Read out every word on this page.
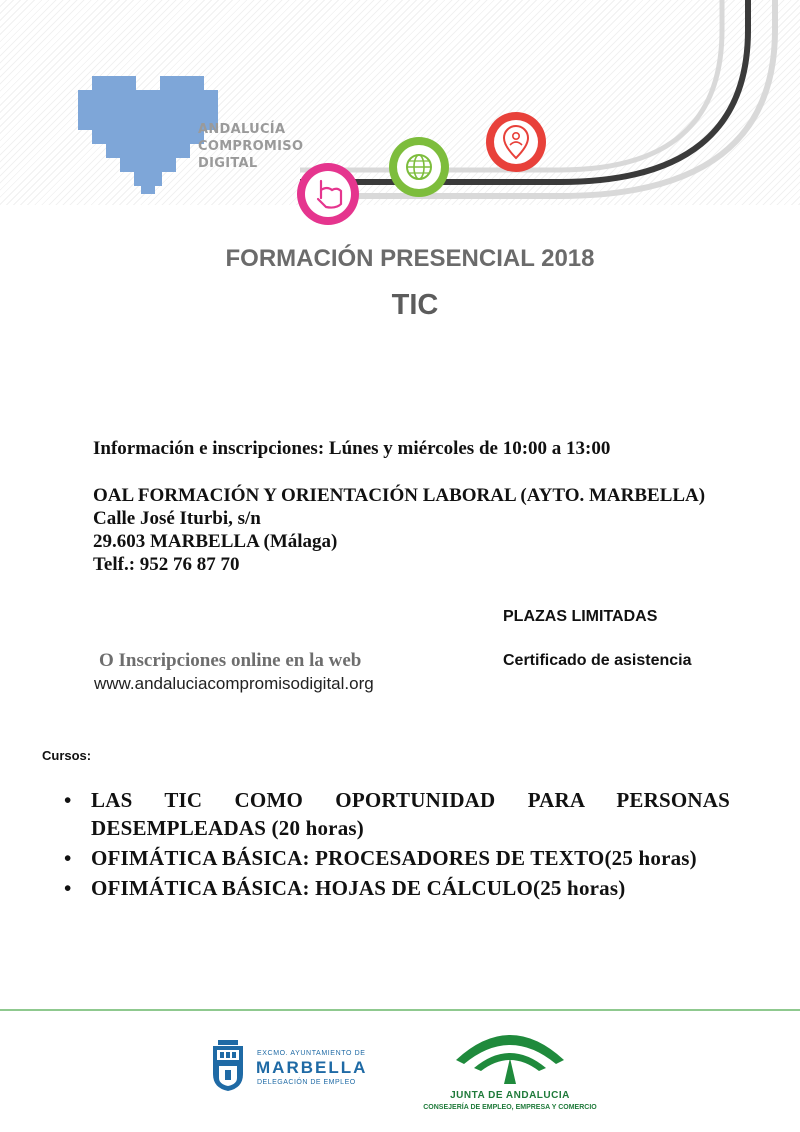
ANDALUCÍA
COMPROMISO
DIGITAL
FORMACIÓN PRESENCIAL 2018
TIC
Información e inscripciones: Lúnes y miércoles de 10:00 a 13:00
OAL FORMACIÓN Y ORIENTACIÓN LABORAL (AYTO. MARBELLA)
Calle José Iturbi, s/n
29.603 MARBELLA (Málaga)
Telf.: 952 76 87 70
PLAZAS LIMITADAS
Certificado de asistencia
O Inscripciones online en la web
www.andaluciacompromisodigital.org
Cursos:
• LAS TIC COMO OPORTUNIDAD PARA PERSONAS DESEMPLEADAS (20 horas)
• OFIMÁTICA BÁSICA: PROCESADORES DE TEXTO(25 horas)
• OFIMÁTICA BÁSICA: HOJAS DE CÁLCULO(25 horas)
EXCMO. AYUNTAMIENTO DE
MARBELLA
DELEGACIÓN DE EMPLEO
JUNTA DE ANDALUCIA
CONSEJERÍA DE EMPLEO, EMPRESA Y COMERCIO
